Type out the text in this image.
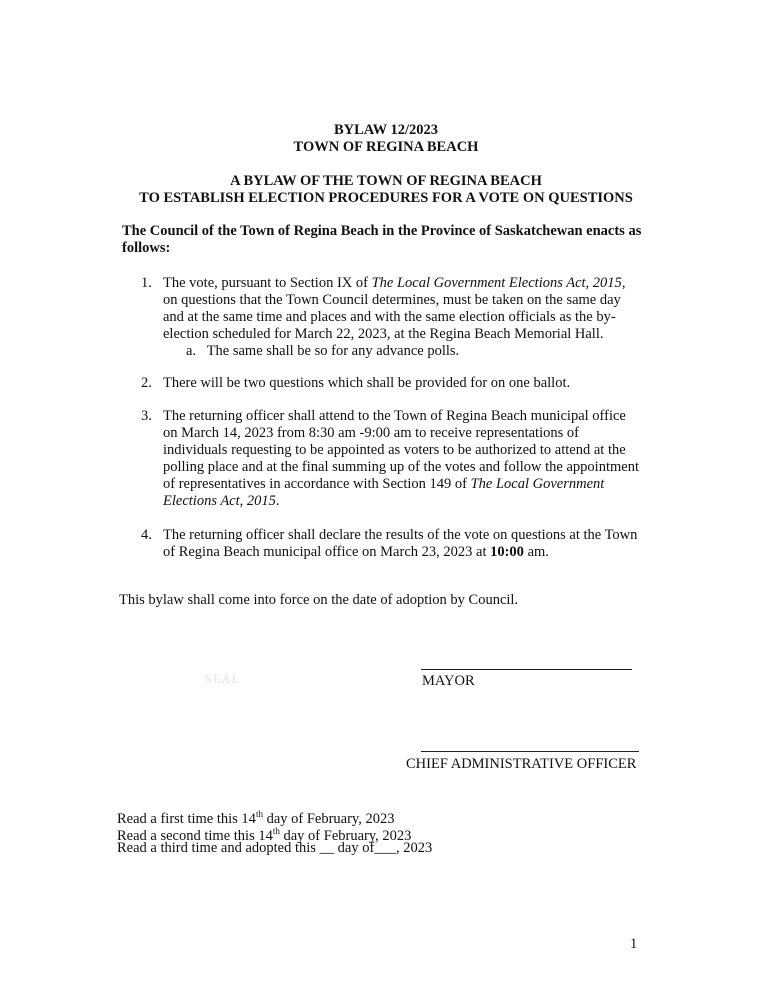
BYLAW 12/2023
TOWN OF REGINA BEACH
A BYLAW OF THE TOWN OF REGINA BEACH
TO ESTABLISH ELECTION PROCEDURES FOR A VOTE ON QUESTIONS
The Council of the Town of Regina Beach in the Province of Saskatchewan enacts as
follows:
1. The vote, pursuant to Section IX of The Local Government Elections Act, 2015,
on questions that the Town Council determines, must be taken on the same day
and at the same time and places and with the same election officials as the by-
election scheduled for March 22, 2023, at the Regina Beach Memorial Hall.
a. The same shall be so for any advance polls.
2. There will be two questions which shall be provided for on one ballot.
3. The returning officer shall attend to the Town of Regina Beach municipal office
on March 14, 2023 from 8:30 am -9:00 am to receive representations of
individuals requesting to be appointed as voters to be authorized to attend at the
polling place and at the final summing up of the votes and follow the appointment
of representatives in accordance with Section 149 of The Local Government
Elections Act, 2015.
4. The returning officer shall declare the results of the vote on questions at the Town
of Regina Beach municipal office on March 23, 2023 at 10:00 am.
This bylaw shall come into force on the date of adoption by Council.
SEAL	MAYOR
CHIEF ADMINISTRATIVE OFFICER
Read a first time this 14th day of February, 2023
Read a second time this 14th day of February, 2023
Read a third time and adopted this __ day of___, 2023
1
